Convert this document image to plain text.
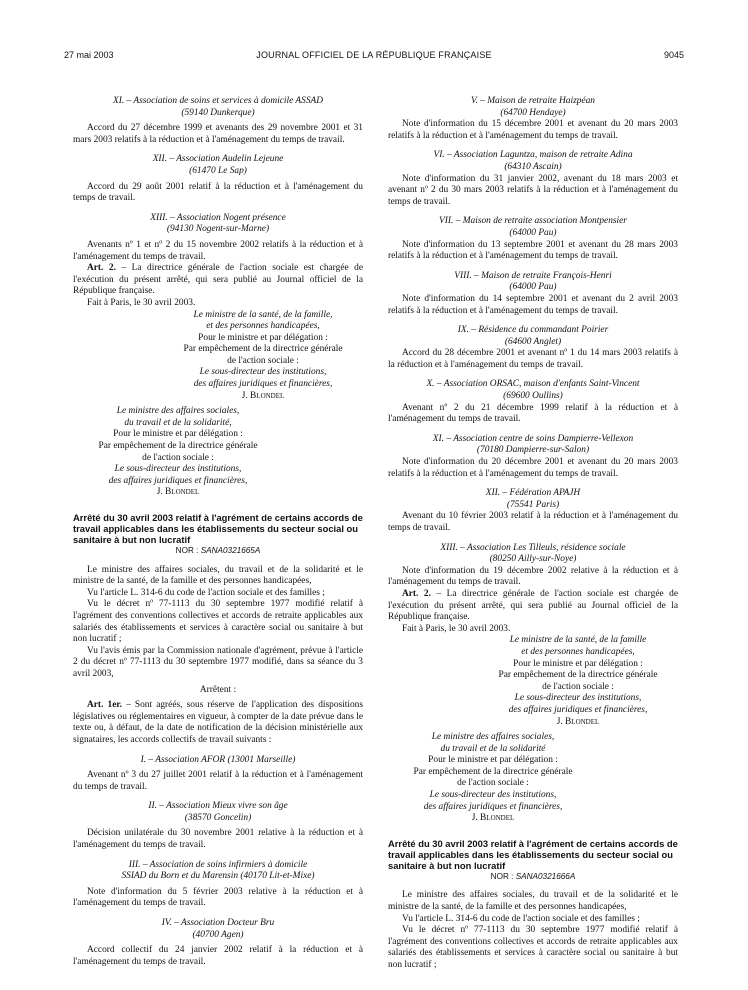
27 mai 2003	JOURNAL OFFICIEL DE LA RÉPUBLIQUE FRANÇAISE	9045

XI. – Association de soins et services à domicile ASSAD

(59140 Dunkerque)

Accord du 27 décembre 1999 et avenants des 29 novembre 2001 et 31 mars 2003 relatifs à la réduction et à l'aménagement du temps de travail.

XII. – Association Audelin Lejeune

(61470 Le Sap)

Accord du 29 août 2001 relatif à la réduction et à l'aménagement du temps de travail.

XIII. – Association Nogent présence

(94130 Nogent-sur-Marne)

Avenants nº 1 et nº 2 du 15 novembre 2002 relatifs à la réduction et à l'aménagement du temps de travail.

Art. 2. – La directrice générale de l'action sociale est chargée de l'exécution du présent arrêté, qui sera publié au Journal officiel de la République française.

Fait à Paris, le 30 avril 2003.

Le ministre de la santé, de la famille,

et des personnes handicapées,

Pour le ministre et par délégation :

Par empêchement de la directrice générale

de l'action sociale :

Le sous-directeur des institutions,

des affaires juridiques et financières,

J. Blondel

Le ministre des affaires sociales,

du travail et de la solidarité,

Pour le ministre et par délégation :

Par empêchement de la directrice générale

de l'action sociale :

Le sous-directeur des institutions,

des affaires juridiques et financières,

J. Blondel

Arrêté du 30 avril 2003 relatif à l'agrément de certains accords de travail applicables dans les établissements du secteur social ou sanitaire à but non lucratif

NOR : SANA0321665A

Le ministre des affaires sociales, du travail et de la solidarité et le ministre de la santé, de la famille et des personnes handicapées,

Vu l'article L. 314-6 du code de l'action sociale et des familles ;

Vu le décret nº 77-1113 du 30 septembre 1977 modifié relatif à l'agrément des conventions collectives et accords de retraite applicables aux salariés des établissements et services à caractère social ou sanitaire à but non lucratif ;

Vu l'avis émis par la Commission nationale d'agrément, prévue à l'article 2 du décret nº 77-1113 du 30 septembre 1977 modifié, dans sa séance du 3 avril 2003,

Arrêtent :

Art. 1er. – Sont agréés, sous réserve de l'application des dispositions législatives ou réglementaires en vigueur, à compter de la date prévue dans le texte ou, à défaut, de la date de notification de la décision ministérielle aux signataires, les accords collectifs de travail suivants :

I. – Association AFOR (13001 Marseille)

Avenant nº 3 du 27 juillet 2001 relatif à la réduction et à l'aménagement du temps de travail.

II. – Association Mieux vivre son âge

(38570 Goncelin)

Décision unilatérale du 30 novembre 2001 relative à la réduction et à l'aménagement du temps de travail.

III. – Association de soins infirmiers à domicile

SSIAD du Born et du Marensin (40170 Lit-et-Mixe)

Note d'information du 5 février 2003 relative à la réduction et à l'aménagement du temps de travail.

IV. – Association Docteur Bru

(40700 Agen)

Accord collectif du 24 janvier 2002 relatif à la réduction et à l'aménagement du temps de travail.

V. – Maison de retraite Haizpéan

(64700 Hendaye)

Note d'information du 15 décembre 2001 et avenant du 20 mars 2003 relatifs à la réduction et à l'aménagement du temps de travail.

VI. – Association Laguntza, maison de retraite Adina

(64310 Ascain)

Note d'information du 31 janvier 2002, avenant du 18 mars 2003 et avenant nº 2 du 30 mars 2003 relatifs à la réduction et à l'aménagement du temps de travail.

VII. – Maison de retraite association Montpensier

(64000 Pau)

Note d'information du 13 septembre 2001 et avenant du 28 mars 2003 relatifs à la réduction et à l'aménagement du temps de travail.

VIII. – Maison de retraite François-Henri

(64000 Pau)

Note d'information du 14 septembre 2001 et avenant du 2 avril 2003 relatifs à la réduction et à l'aménagement du temps de travail.

IX. – Résidence du commandant Poirier

(64600 Anglet)

Accord du 28 décembre 2001 et avenant nº 1 du 14 mars 2003 relatifs à la réduction et à l'aménagement du temps de travail.

X. – Association ORSAC, maison d'enfants Saint-Vincent

(69600 Oullins)

Avenant nº 2 du 21 décembre 1999 relatif à la réduction et à l'aménagement du temps de travail.

XI. – Association centre de soins Dampierre-Vellexon

(70180 Dampierre-sur-Salon)

Note d'information du 20 décembre 2001 et avenant du 20 mars 2003 relatifs à la réduction et à l'aménagement du temps de travail.

XII. – Fédération APAJH

(75541 Paris)

Avenant du 10 février 2003 relatif à la réduction et à l'aménagement du temps de travail.

XIII. – Association Les Tilleuls, résidence sociale

(80250 Ailly-sur-Noye)

Note d'information du 19 décembre 2002 relative à la réduction et à l'aménagement du temps de travail.

Art. 2. – La directrice générale de l'action sociale est chargée de l'exécution du présent arrêté, qui sera publié au Journal officiel de la République française.

Fait à Paris, le 30 avril 2003.

Le ministre de la santé, de la famille

et des personnes handicapées,

Pour le ministre et par délégation :

Par empêchement de la directrice générale

de l'action sociale :

Le sous-directeur des institutions,

des affaires juridiques et financières,

J. Blondel

Le ministre des affaires sociales,

du travail et de la solidarité

Pour le ministre et par délégation :

Par empêchement de la directrice générale

de l'action sociale :

Le sous-directeur des institutions,

des affaires juridiques et financières,

J. Blondel

Arrêté du 30 avril 2003 relatif à l'agrément de certains accords de travail applicables dans les établissements du secteur social ou sanitaire à but non lucratif

NOR : SANA0321666A

Le ministre des affaires sociales, du travail et de la solidarité et le ministre de la santé, de la famille et des personnes handicapées,

Vu l'article L. 314-6 du code de l'action sociale et des familles ;

Vu le décret nº 77-1113 du 30 septembre 1977 modifié relatif à l'agrément des conventions collectives et accords de retraite applicables aux salariés des établissements et services à caractère social ou sanitaire à but non lucratif ;
